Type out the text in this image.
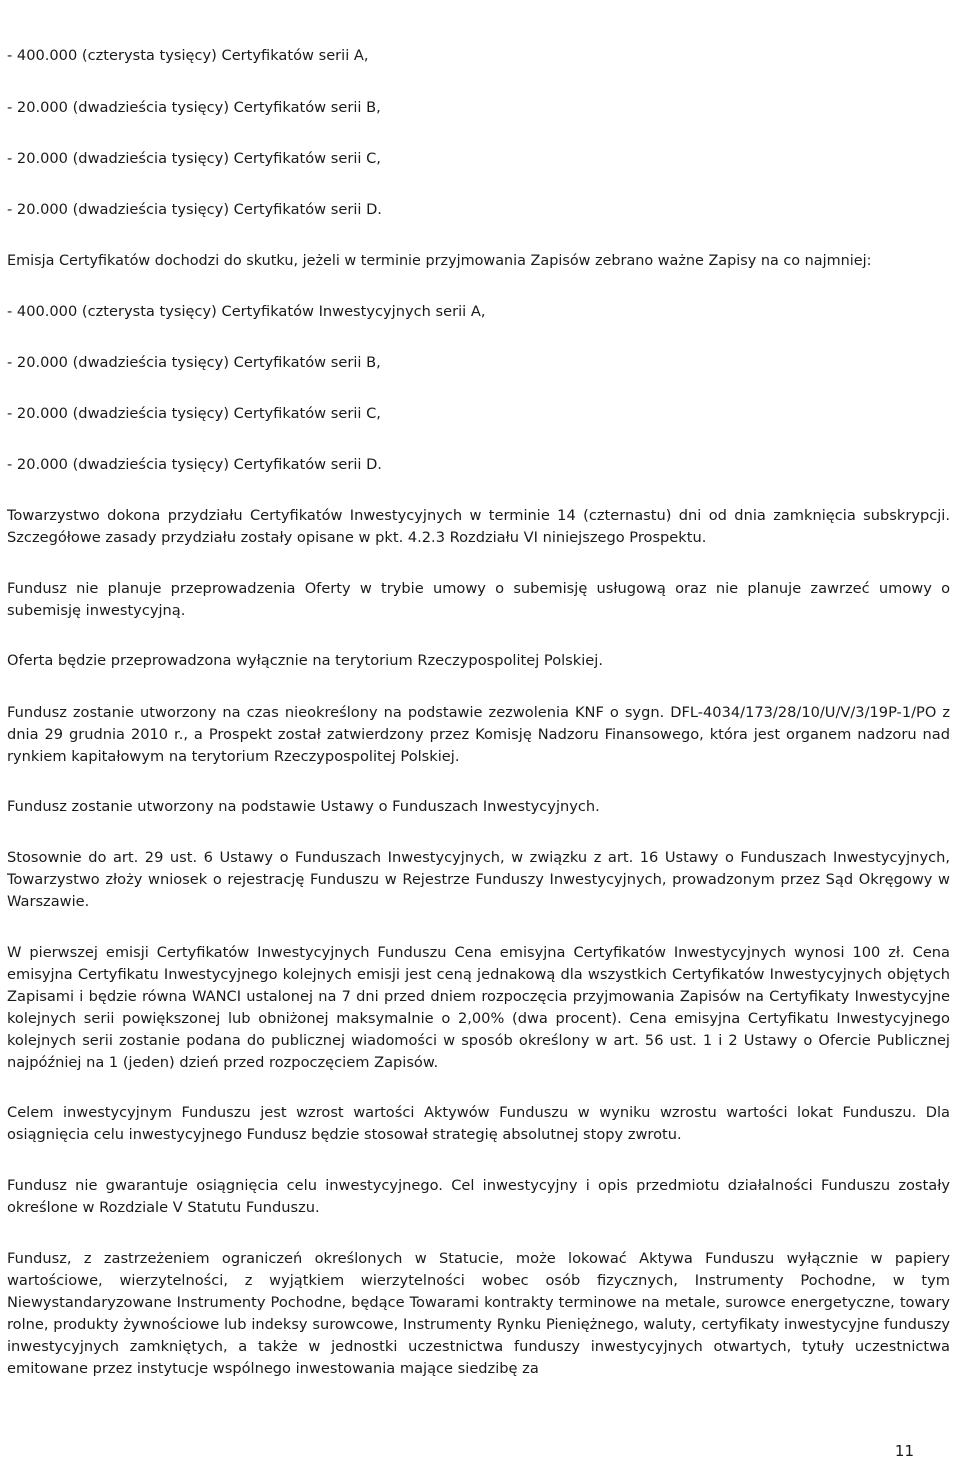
- 400.000 (czterysta tysięcy) Certyfikatów serii A,

- 20.000 (dwadzieścia tysięcy) Certyfikatów serii B,

- 20.000 (dwadzieścia tysięcy) Certyfikatów serii C,

- 20.000 (dwadzieścia tysięcy) Certyfikatów serii D.

Emisja Certyfikatów dochodzi do skutku, jeżeli w terminie przyjmowania Zapisów zebrano ważne Zapisy na co najmniej:

- 400.000 (czterysta tysięcy) Certyfikatów Inwestycyjnych serii A,

- 20.000 (dwadzieścia tysięcy) Certyfikatów serii B,

- 20.000 (dwadzieścia tysięcy) Certyfikatów serii C,

- 20.000 (dwadzieścia tysięcy) Certyfikatów serii D.

Towarzystwo dokona przydziału Certyfikatów Inwestycyjnych w terminie 14 (czternastu) dni od dnia zamknięcia subskrypcji. Szczegółowe zasady przydziału zostały opisane w pkt. 4.2.3 Rozdziału VI niniejszego Prospektu.

Fundusz nie planuje przeprowadzenia Oferty w trybie umowy o subemisję usługową oraz nie planuje zawrzeć umowy o subemisję inwestycyjną.

Oferta będzie przeprowadzona wyłącznie na terytorium Rzeczypospolitej Polskiej.

Fundusz zostanie utworzony na czas nieokreślony na podstawie zezwolenia KNF o sygn. DFL-4034/173/28/10/U/V/3/19P-1/PO z dnia 29 grudnia 2010 r., a Prospekt został zatwierdzony przez Komisję Nadzoru Finansowego, która jest organem nadzoru nad rynkiem kapitałowym na terytorium Rzeczypospolitej Polskiej.

Fundusz zostanie utworzony na podstawie Ustawy o Funduszach Inwestycyjnych.

Stosownie do art. 29 ust. 6 Ustawy o Funduszach Inwestycyjnych, w związku z art. 16 Ustawy o Funduszach Inwestycyjnych, Towarzystwo złoży wniosek o rejestrację Funduszu w Rejestrze Funduszy Inwestycyjnych, prowadzonym przez Sąd Okręgowy w Warszawie.

W pierwszej emisji Certyfikatów Inwestycyjnych Funduszu Cena emisyjna Certyfikatów Inwestycyjnych wynosi 100 zł. Cena emisyjna Certyfikatu Inwestycyjnego kolejnych emisji jest ceną jednakową dla wszystkich Certyfikatów Inwestycyjnych objętych Zapisami i będzie równa WANCI ustalonej na 7 dni przed dniem rozpoczęcia przyjmowania Zapisów na Certyfikaty Inwestycyjne kolejnych serii powiększonej lub obniżonej maksymalnie o 2,00% (dwa procent). Cena emisyjna Certyfikatu Inwestycyjnego kolejnych serii zostanie podana do publicznej wiadomości w sposób określony w art. 56 ust. 1 i 2 Ustawy o Ofercie Publicznej najpóźniej na 1 (jeden) dzień przed rozpoczęciem Zapisów.

Celem inwestycyjnym Funduszu jest wzrost wartości Aktywów Funduszu w wyniku wzrostu wartości lokat Funduszu. Dla osiągnięcia celu inwestycyjnego Fundusz będzie stosował strategię absolutnej stopy zwrotu.

Fundusz nie gwarantuje osiągnięcia celu inwestycyjnego. Cel inwestycyjny i opis przedmiotu działalności Funduszu zostały określone w Rozdziale V Statutu Funduszu.

Fundusz, z zastrzeżeniem ograniczeń określonych w Statucie, może lokować Aktywa Funduszu wyłącznie w papiery wartościowe, wierzytelności, z wyjątkiem wierzytelności wobec osób fizycznych, Instrumenty Pochodne, w tym Niewystandaryzowane Instrumenty Pochodne, będące Towarami kontrakty terminowe na metale, surowce energetyczne, towary rolne, produkty żywnościowe lub indeksy surowcowe, Instrumenty Rynku Pieniężnego, waluty, certyfikaty inwestycyjne funduszy inwestycyjnych zamkniętych, a także w jednostki uczestnictwa funduszy inwestycyjnych otwartych, tytuły uczestnictwa emitowane przez instytucje wspólnego inwestowania mające siedzibę za

11
